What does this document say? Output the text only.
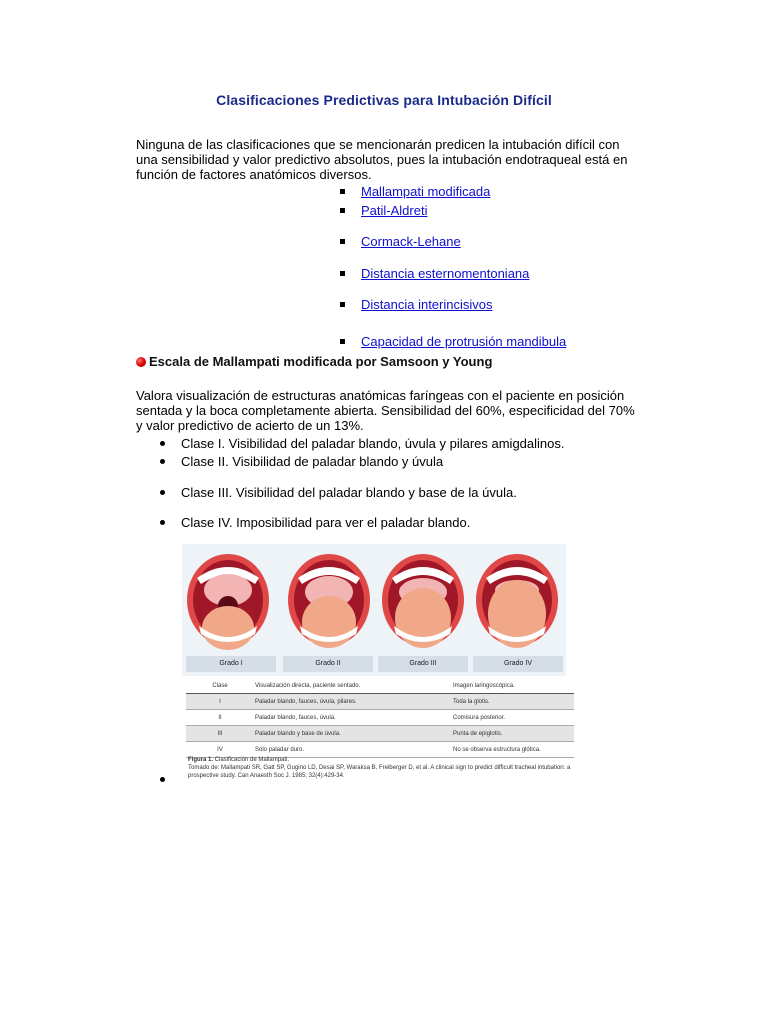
Clasificaciones Predictivas para Intubación Difícil
Ninguna de las clasificaciones que se mencionarán predicen la intubación difícil con una sensibilidad y valor predictivo absolutos, pues la intubación endotraqueal está en función de factores anatómicos diversos.
Mallampati modificada
Patil-Aldreti
Cormack-Lehane
Distancia esternomentoniana
Distancia interincisivos
Capacidad de protrusión mandibula
Escala de Mallampati modificada por Samsoon y Young
Valora visualización de estructuras anatómicas faríngeas con el paciente en posición sentada y la boca completamente abierta. Sensibilidad del 60%, especificidad del 70% y valor predictivo de acierto de un 13%.
Clase I. Visibilidad del paladar blando, úvula y pilares amigdalinos.
Clase II. Visibilidad de paladar blando y úvula
Clase III. Visibilidad del paladar blando y base de la úvula.
Clase IV. Imposibilidad para ver el paladar blando.
Grado I	Grado II	Grado III	Grado IV
Clase	Visualización directa, paciente sentado.	Imagen laringoscópica.
I	Paladar blando, fauces, úvula, pilares.	Toda la glotis.
II	Paladar blando, fauces, úvula.	Comisura posterior.
III	Paladar blando y base de úvula.	Punta de epiglotis.
IV	Sólo paladar duro.	No se observa estructura glótica.
Figura 1. Clasificación de Mallampati.
Tomado de: Mallampati SR, Gatt SP, Gugino LD, Desai SP, Waraksa B, Freiberger D, et al. A clinical sign to predict difficult tracheal intubation: a prospective study. Can Anaesth Soc J. 1985; 32(4):429-34.
